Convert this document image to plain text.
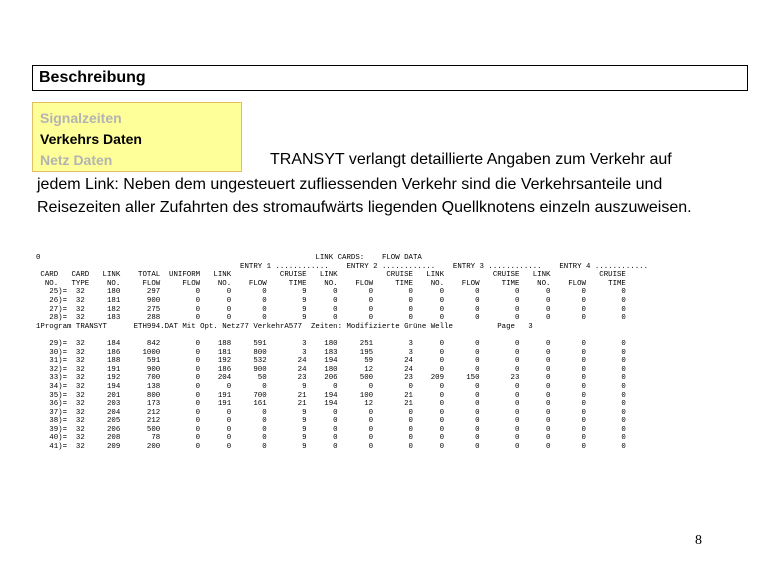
Beschreibung
Signalzeiten
Verkehrs Daten
Netz Daten	TRANSYT verlangt detaillierte Angaben zum Verkehr auf
jedem Link: Neben dem ungesteuert zufliessenden Verkehr sind die Verkehrsanteile und
Reisezeiten aller Zufahrten des stromaufwärts liegenden Quellknotens einzeln auszuweisen.
0                                                              LINK CARDS:    FLOW DATA
ENTRY 1 ............    ENTRY 2 ............    ENTRY 3 ............    ENTRY 4 ............
CARD   CARD   LINK    TOTAL  UNIFORM   LINK           CRUISE   LINK           CRUISE   LINK           CRUISE   LINK           CRUISE
NO.   TYPE    NO.     FLOW     FLOW    NO.    FLOW     TIME    NO.    FLOW     TIME    NO.    FLOW     TIME    NO.    FLOW     TIME
25)=  32     180      297        0      0       0        9      0       0        0      0       0        0      0       0        0
26)=  32     181      900        0      0       0        9      0       0        0      0       0        0      0       0        0
27)=  32     182      275        0      0       0        9      0       0        0      0       0        0      0       0        0
28)=  32     183      288        0      0       0        9      0       0        0      0       0        0      0       0        0
1Program TRANSYT      ETH994.DAT Mit Opt. Netz77 VerkehrA577  Zeiten: Modifizierte Grüne Welle          Page   3
29)=  32     184      842        0    188     591        3    180     251        3      0       0        0      0       0        0
30)=  32     186     1000        0    181     800        3    183     195        3      0       0        0      0       0        0
31)=  32     188      591        0    192     532       24    194      59       24      0       0        0      0       0        0
32)=  32     191      900        0    186     900       24    180      12       24      0       0        0      0       0        0
33)=  32     192      700        0    204      50       23    206     500       23    209     150       23      0       0        0
34)=  32     194      138        0      0       0        9      0       0        0      0       0        0      0       0        0
35)=  32     201      800        0    191     700       21    194     100       21      0       0        0      0       0        0
36)=  32     203      173        0    191     161       21    194      12       21      0       0        0      0       0        0
37)=  32     204      212        0      0       0        9      0       0        0      0       0        0      0       0        0
38)=  32     205      212        0      0       0        9      0       0        0      0       0        0      0       0        0
39)=  32     206      500        0      0       0        9      0       0        0      0       0        0      0       0        0
40)=  32     208       78        0      0       0        9      0       0        0      0       0        0      0       0        0
41)=  32     209      200        0      0       0        9      0       0        0      0       0        0      0       0        0
8
